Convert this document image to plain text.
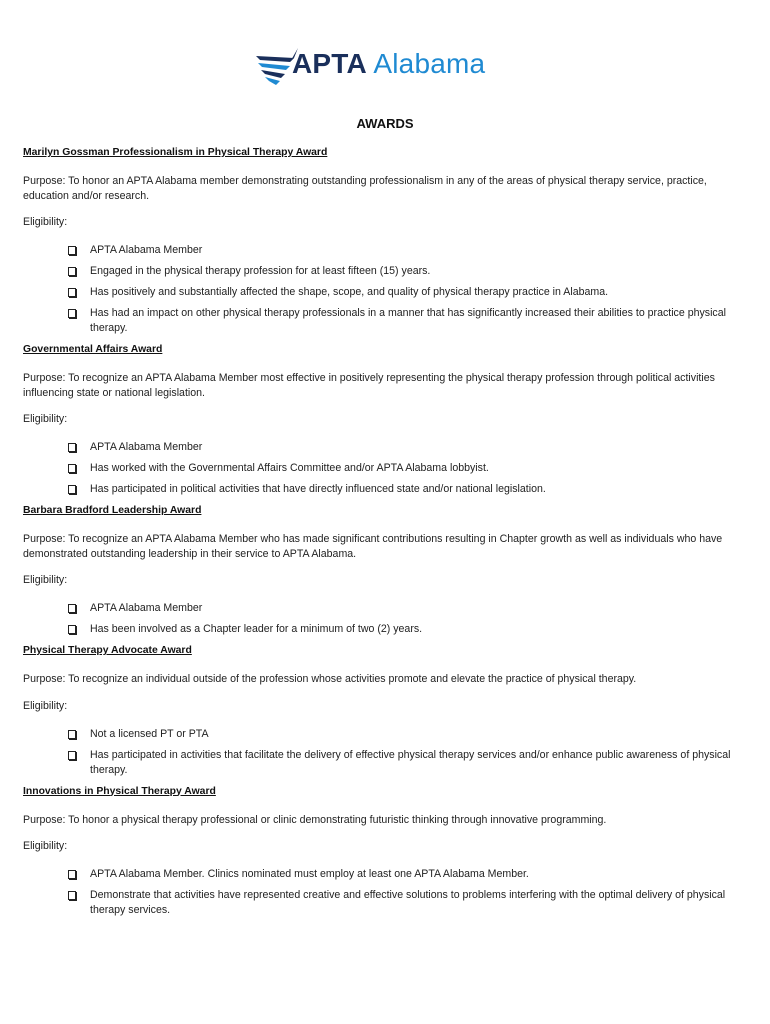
APTA Alabama
AWARDS
Marilyn Gossman Professionalism in Physical Therapy Award
Purpose: To honor an APTA Alabama member demonstrating outstanding professionalism in any of the areas of physical therapy service, practice, education and/or research.
Eligibility:
APTA Alabama Member
Engaged in the physical therapy profession for at least fifteen (15) years.
Has positively and substantially affected the shape, scope, and quality of physical therapy practice in Alabama.
Has had an impact on other physical therapy professionals in a manner that has significantly increased their abilities to practice physical therapy.
Governmental Affairs Award
Purpose: To recognize an APTA Alabama Member most effective in positively representing the physical therapy profession through political activities influencing state or national legislation.
Eligibility:
APTA Alabama Member
Has worked with the Governmental Affairs Committee and/or APTA Alabama lobbyist.
Has participated in political activities that have directly influenced state and/or national legislation.
Barbara Bradford Leadership Award
Purpose: To recognize an APTA Alabama Member who has made significant contributions resulting in Chapter growth as well as individuals who have demonstrated outstanding leadership in their service to APTA Alabama.
Eligibility:
APTA Alabama Member
Has been involved as a Chapter leader for a minimum of two (2) years.
Physical Therapy Advocate Award
Purpose: To recognize an individual outside of the profession whose activities promote and elevate the practice of physical therapy.
Eligibility:
Not a licensed PT or PTA
Has participated in activities that facilitate the delivery of effective physical therapy services and/or enhance public awareness of physical therapy.
Innovations in Physical Therapy Award
Purpose: To honor a physical therapy professional or clinic demonstrating futuristic thinking through innovative programming.
Eligibility:
APTA Alabama Member. Clinics nominated must employ at least one APTA Alabama Member.
Demonstrate that activities have represented creative and effective solutions to problems interfering with the optimal delivery of physical therapy services.
